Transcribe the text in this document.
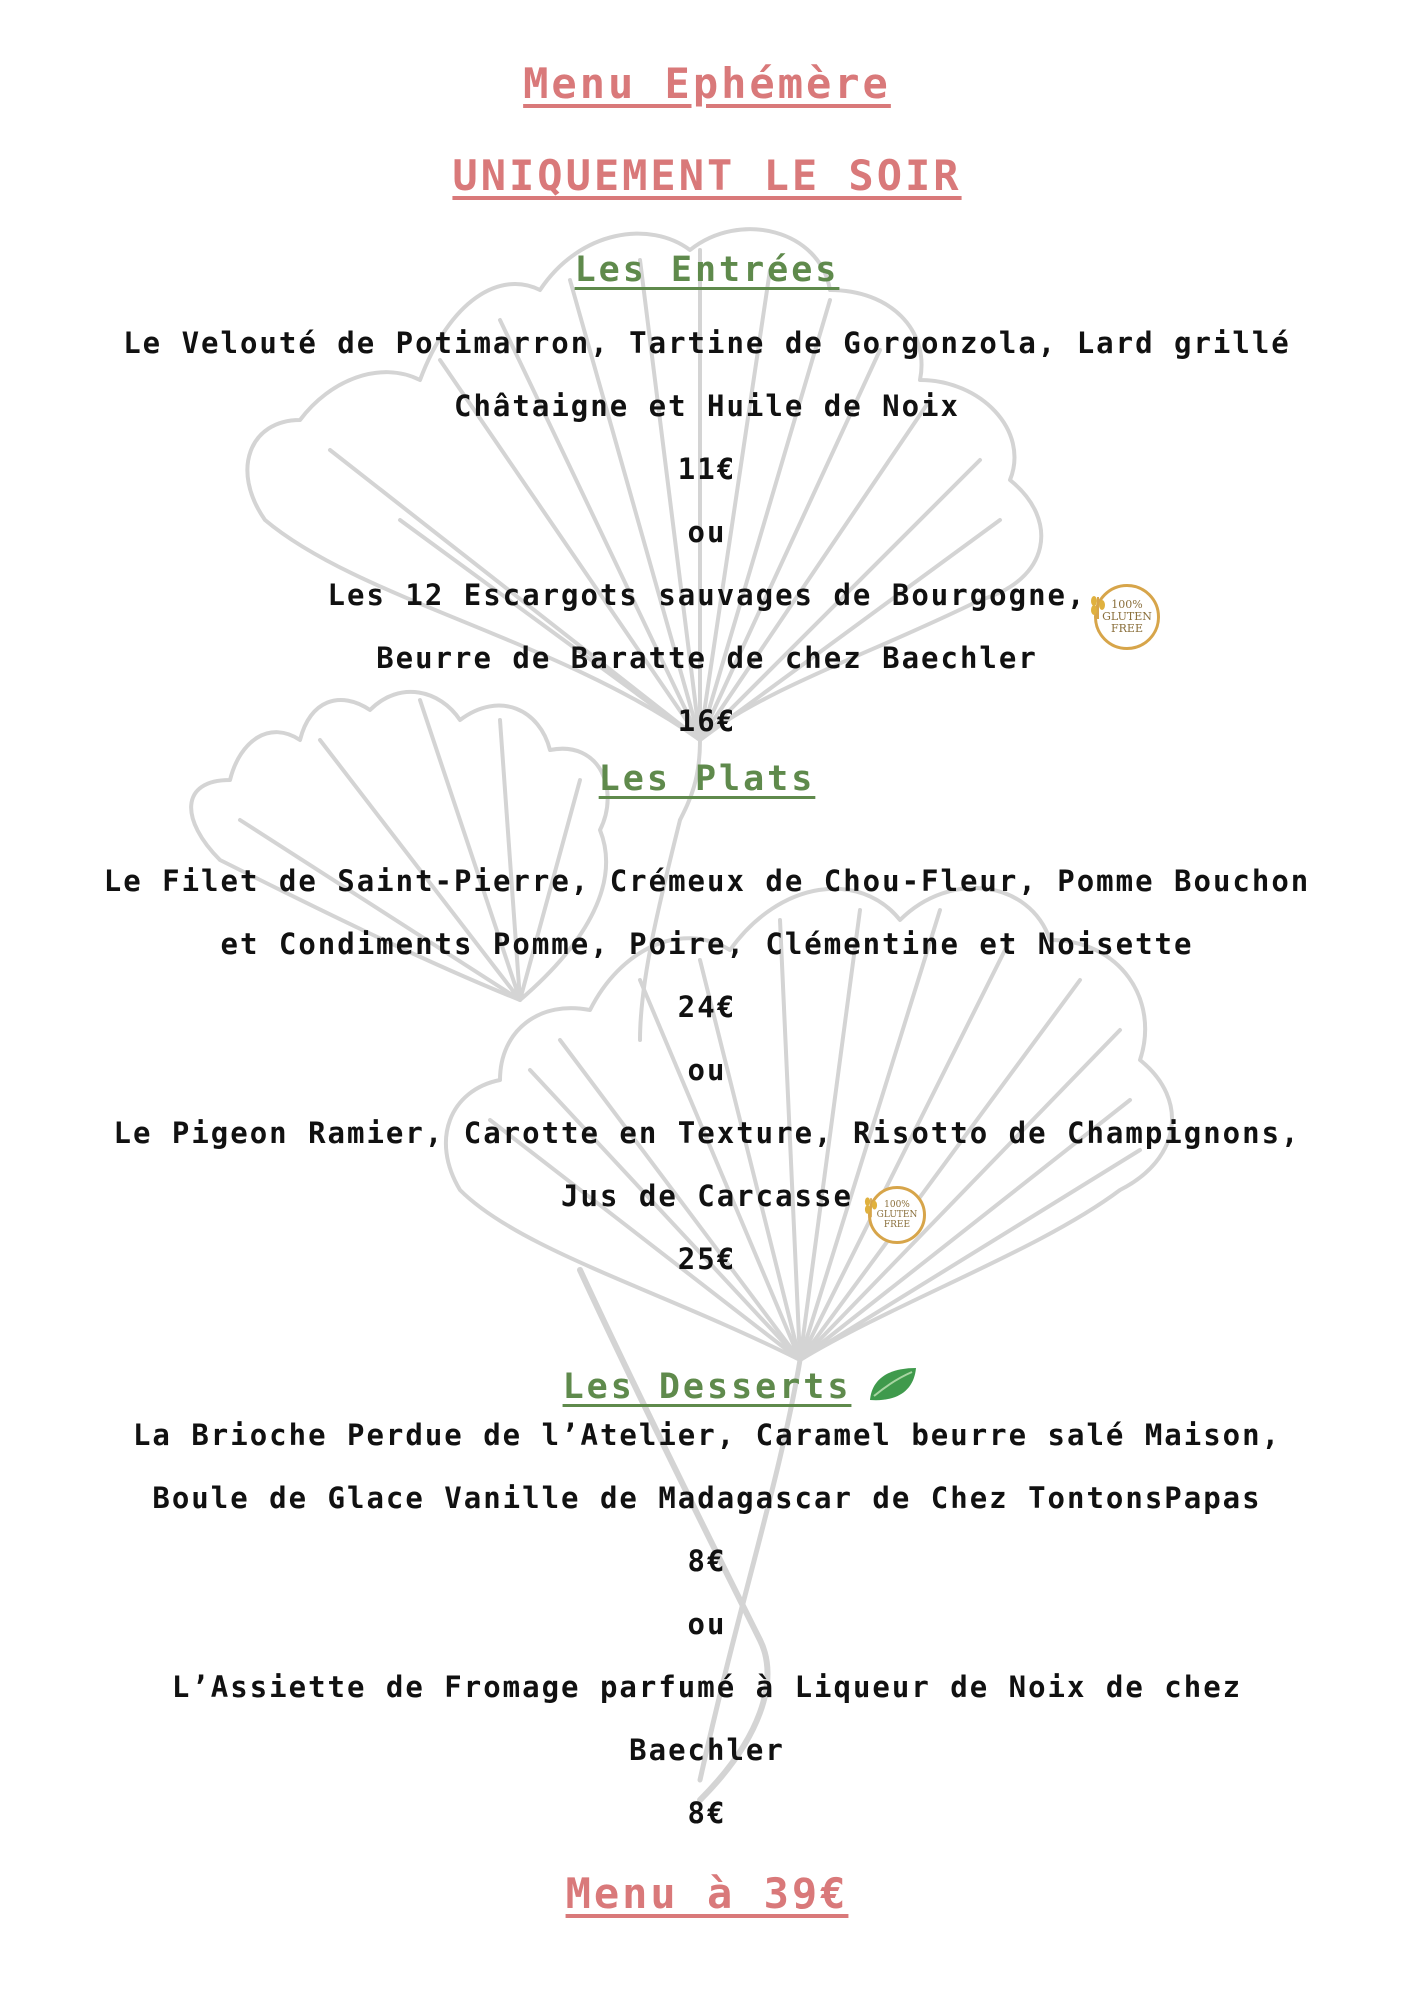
Menu Ephémère
UNIQUEMENT LE SOIR
Les Entrées
Le Velouté de Potimarron, Tartine de Gorgonzola, Lard grillé
Châtaigne et Huile de Noix
11€
ou
Les 12 Escargots sauvages de Bourgogne,
Beurre de Baratte de chez Baechler
16€
100% GLUTEN FREE
Les Plats
Le Filet de Saint-Pierre, Crémeux de Chou-Fleur, Pomme Bouchon
et Condiments Pomme, Poire, Clémentine et Noisette
24€
ou
Le Pigeon Ramier, Carotte en Texture, Risotto de Champignons,
Jus de Carcasse
25€
100% GLUTEN FREE
Les Desserts
La Brioche Perdue de l’Atelier, Caramel beurre salé Maison,
Boule de Glace Vanille de Madagascar de Chez TontonsPapas
8€
ou
L’Assiette de Fromage parfumé à Liqueur de Noix de chez
Baechler
8€
Menu à 39€
